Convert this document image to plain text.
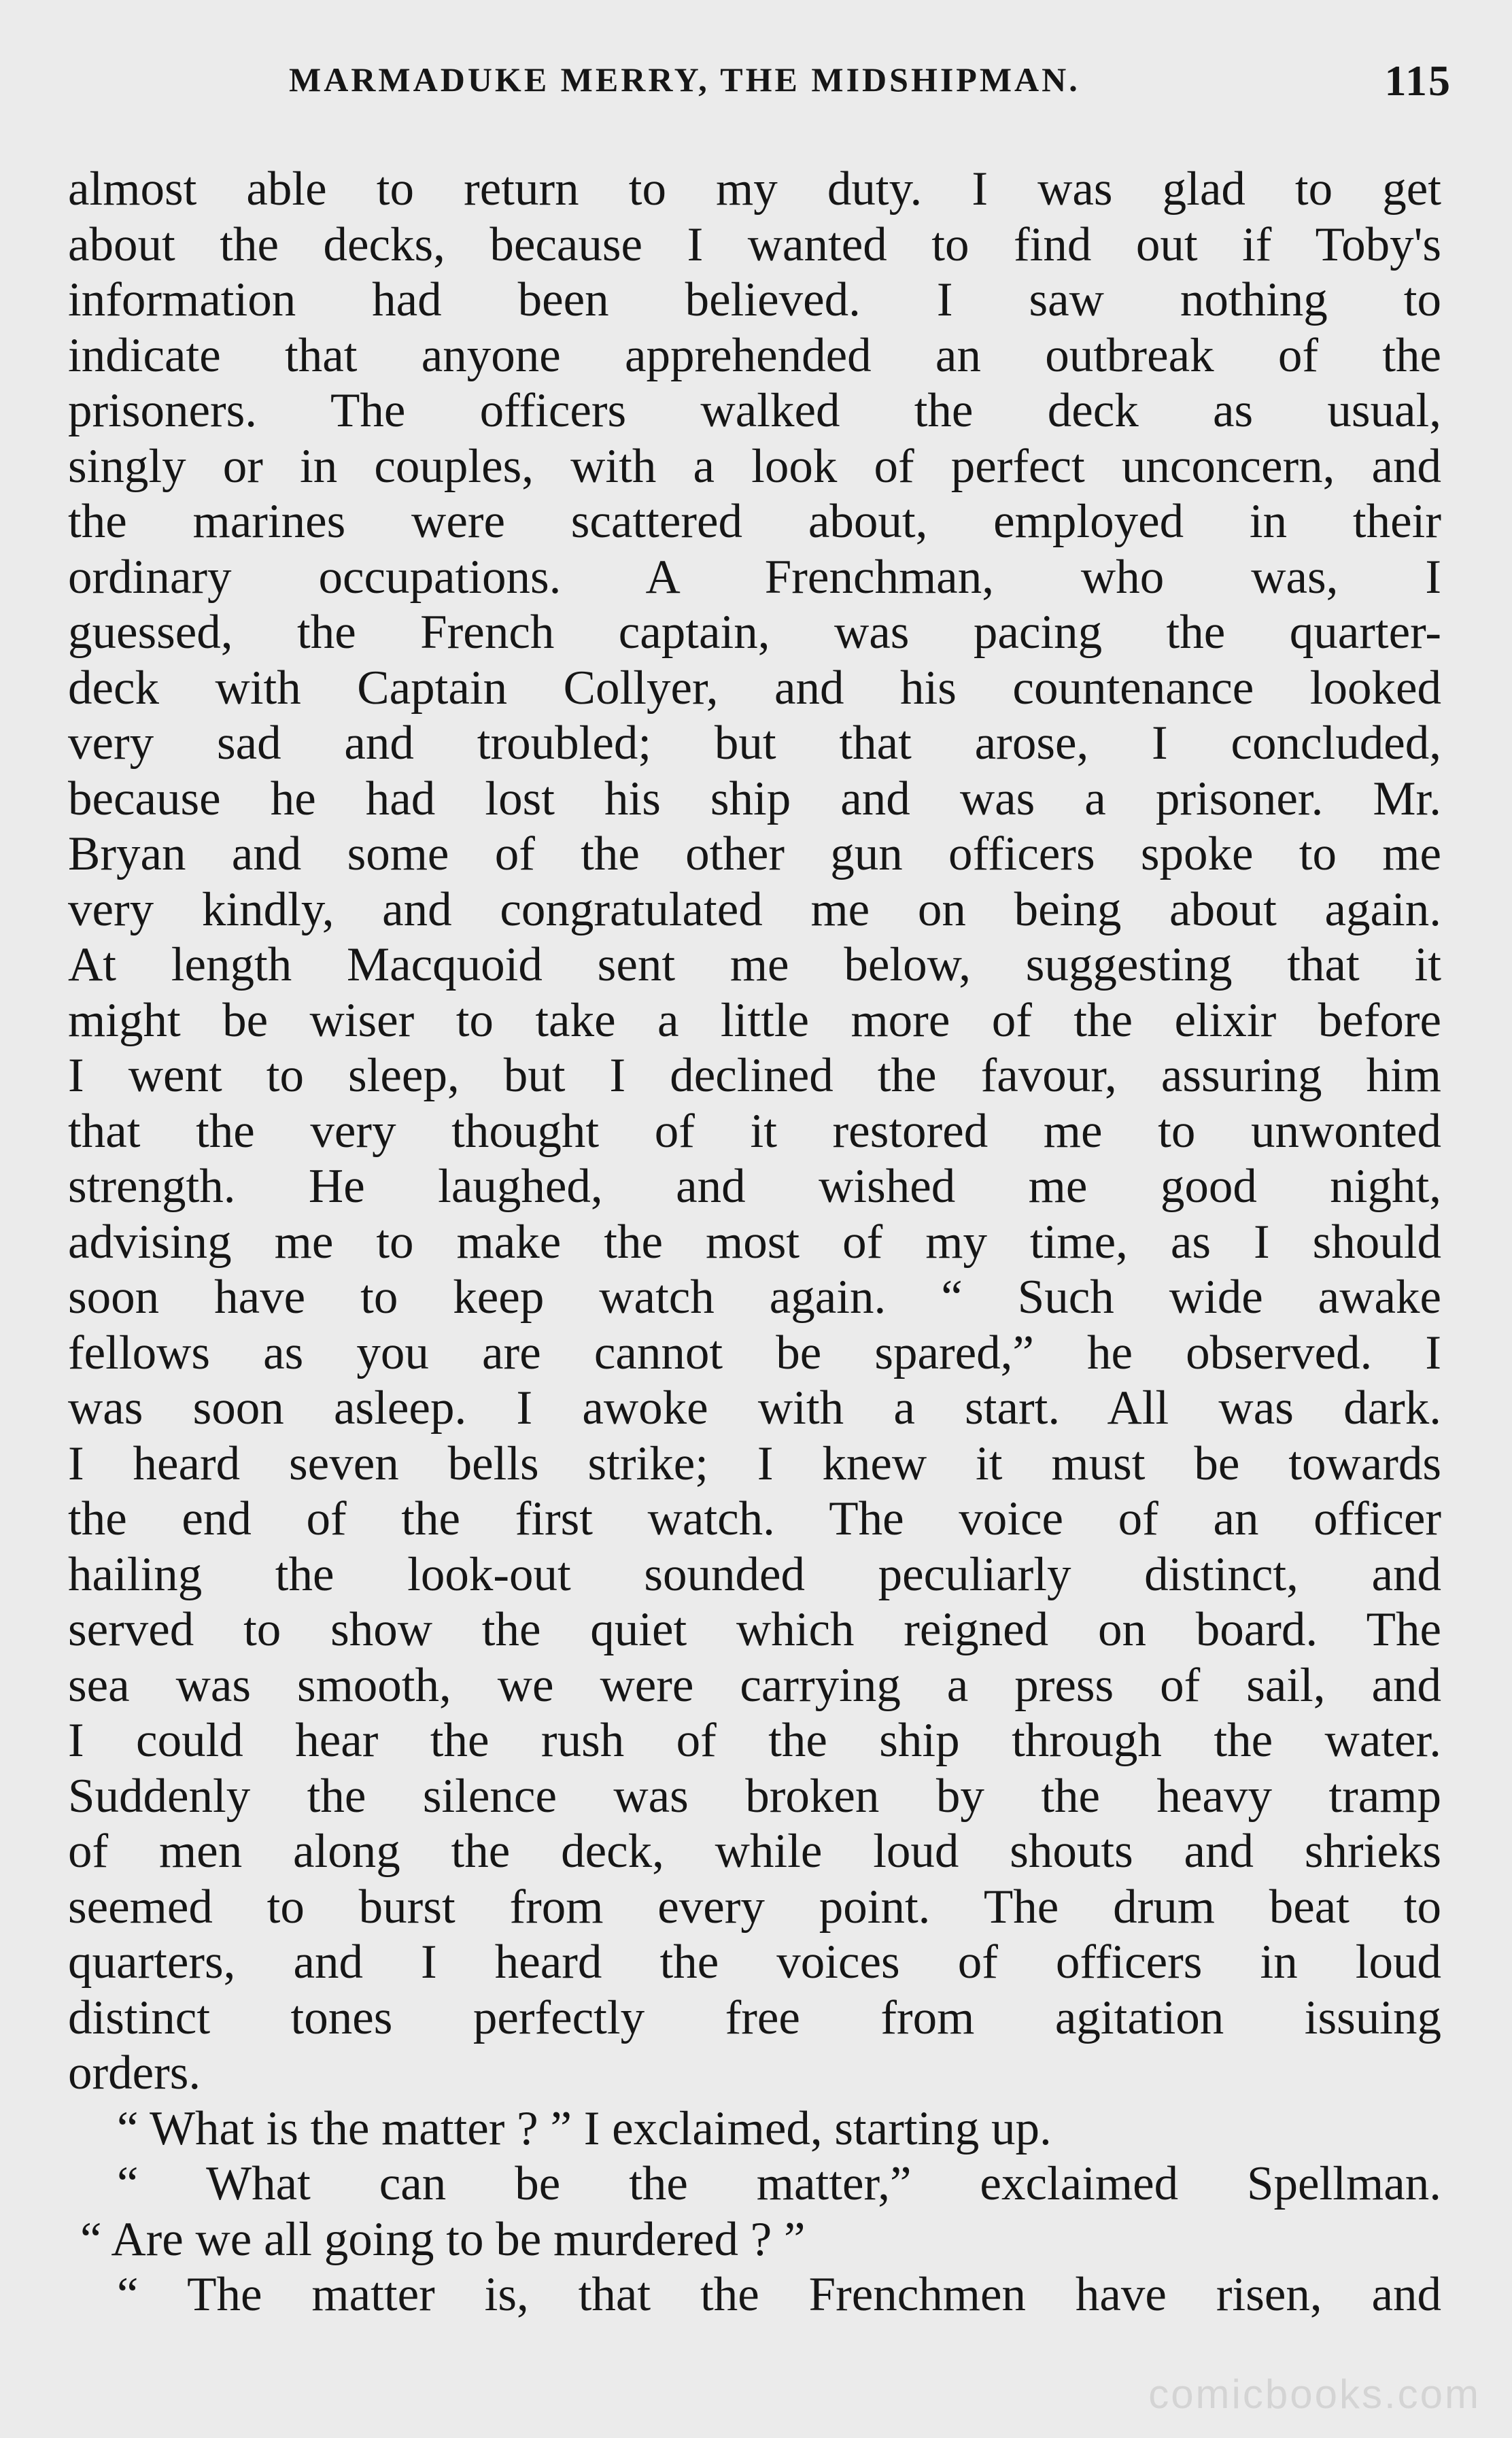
MARMADUKE MERRY, THE MIDSHIPMAN.	115
almost able to return to my duty. I was glad to get
about the decks, because I wanted to find out if Toby's
information had been believed. I saw nothing to
indicate that anyone apprehended an outbreak of the
prisoners. The officers walked the deck as usual,
singly or in couples, with a look of perfect unconcern, and
the marines were scattered about, employed in their
ordinary occupations. A Frenchman, who was, I
guessed, the French captain, was pacing the quarter-
deck with Captain Collyer, and his countenance looked
very sad and troubled; but that arose, I concluded,
because he had lost his ship and was a prisoner. Mr.
Bryan and some of the other gun officers spoke to me
very kindly, and congratulated me on being about again.
At length Macquoid sent me below, suggesting that it
might be wiser to take a little more of the elixir before
I went to sleep, but I declined the favour, assuring him
that the very thought of it restored me to unwonted
strength. He laughed, and wished me good night,
advising me to make the most of my time, as I should
soon have to keep watch again. “ Such wide awake
fellows as you are cannot be spared,” he observed. I
was soon asleep. I awoke with a start. All was dark.
I heard seven bells strike; I knew it must be towards
the end of the first watch. The voice of an officer
hailing the look-out sounded peculiarly distinct, and
served to show the quiet which reigned on board. The
sea was smooth, we were carrying a press of sail, and
I could hear the rush of the ship through the water.
Suddenly the silence was broken by the heavy tramp
of men along the deck, while loud shouts and shrieks
seemed to burst from every point. The drum beat to
quarters, and I heard the voices of officers in loud
distinct tones perfectly free from agitation issuing
orders.
“ What is the matter ? ” I exclaimed, starting up.
“ What can be the matter,” exclaimed Spellman.
“ Are we all going to be murdered ? ”
“ The matter is, that the Frenchmen have risen, and
comicbooks.com
